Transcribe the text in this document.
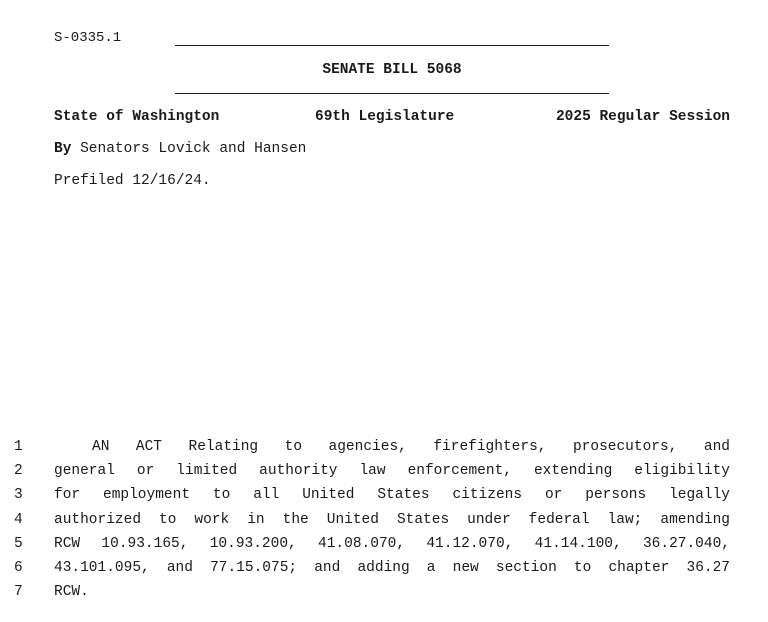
S-0335.1
SENATE BILL 5068
State of Washington	69th Legislature	2025 Regular Session
By Senators Lovick and Hansen
Prefiled 12/16/24.
1
2
3
4
5
6
7
AN ACT Relating to agencies, firefighters, prosecutors, and
general or limited authority law enforcement, extending eligibility
for employment to all United States citizens or persons legally
authorized to work in the United States under federal law; amending
RCW 10.93.165, 10.93.200, 41.08.070, 41.12.070, 41.14.100, 36.27.040,
43.101.095, and 77.15.075; and adding a new section to chapter 36.27
RCW.
